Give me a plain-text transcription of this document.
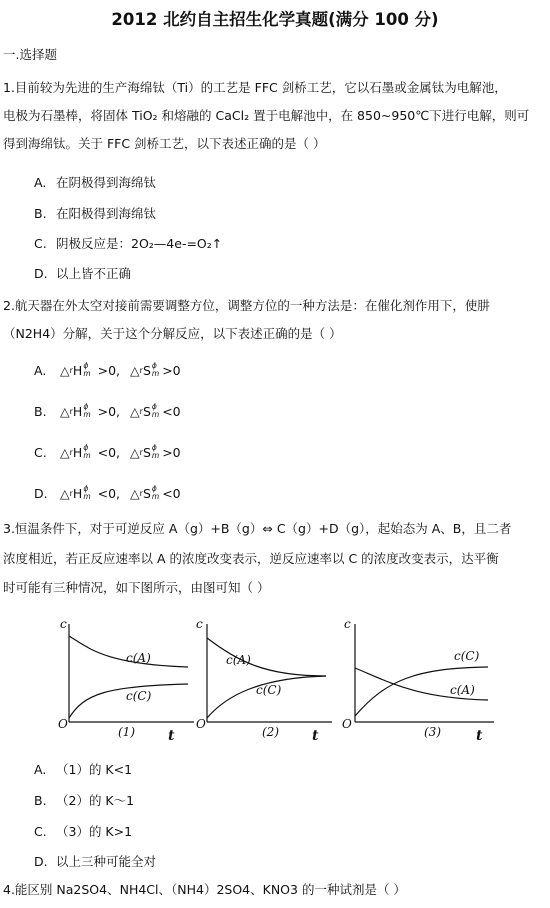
2012 北约自主招生化学真题(满分 100 分)

一.选择题

1.目前较为先进的生产海绵钛（Ti）的工艺是 FFC 剑桥工艺，它以石墨或金属钛为电解池，

电极为石墨棒，将固体 TiO₂ 和熔融的 CaCl₂ 置于电解池中，在 850~950℃下进行电解，则可

得到海绵钛。关于 FFC 剑桥工艺，以下表述正确的是（ ）

A. 在阴极得到海绵钛

B. 在阳极得到海绵钛

C. 阴极反应是：2O₂—4e-=O₂↑

D. 以上皆不正确

2.航天器在外太空对接前需要调整方位，调整方位的一种方法是：在催化剂作用下，使肼

（N2H4）分解，关于这个分解反应，以下表述正确的是（ ）

A. △ r H ϕ
m >0,
△ r S ϕ
m >0

B. △ r H ϕ
m >0,
△ r S ϕ
m <0

C. △ r H ϕ
m <0,
△ r S ϕ
m >0

D. △ r H ϕ
m <0,
△ r S ϕ
m <0

3.恒温条件下，对于可逆反应 A（g）+B（g）⇔ C（g）+D（g），起始态为 A、B，且二者

浓度相近，若正反应速率以 A 的浓度改变表示，逆反应速率以 C 的浓度改变表示，达平衡

时可能有三种情况，如下图所示，由图可知（ ）

c
O
t
(1)
c(A)
c(C)
c
O
t
(2)
c(A)
c(C)
c
O
t
(3)
c(C)
c(A)

A. （1）的 K<1

B. （2）的 K～1

C. （3）的 K>1

D. 以上三种可能全对

4.能区别 Na2SO4、NH4Cl、（NH4）2SO4、KNO3 的一种试剂是（ ）
